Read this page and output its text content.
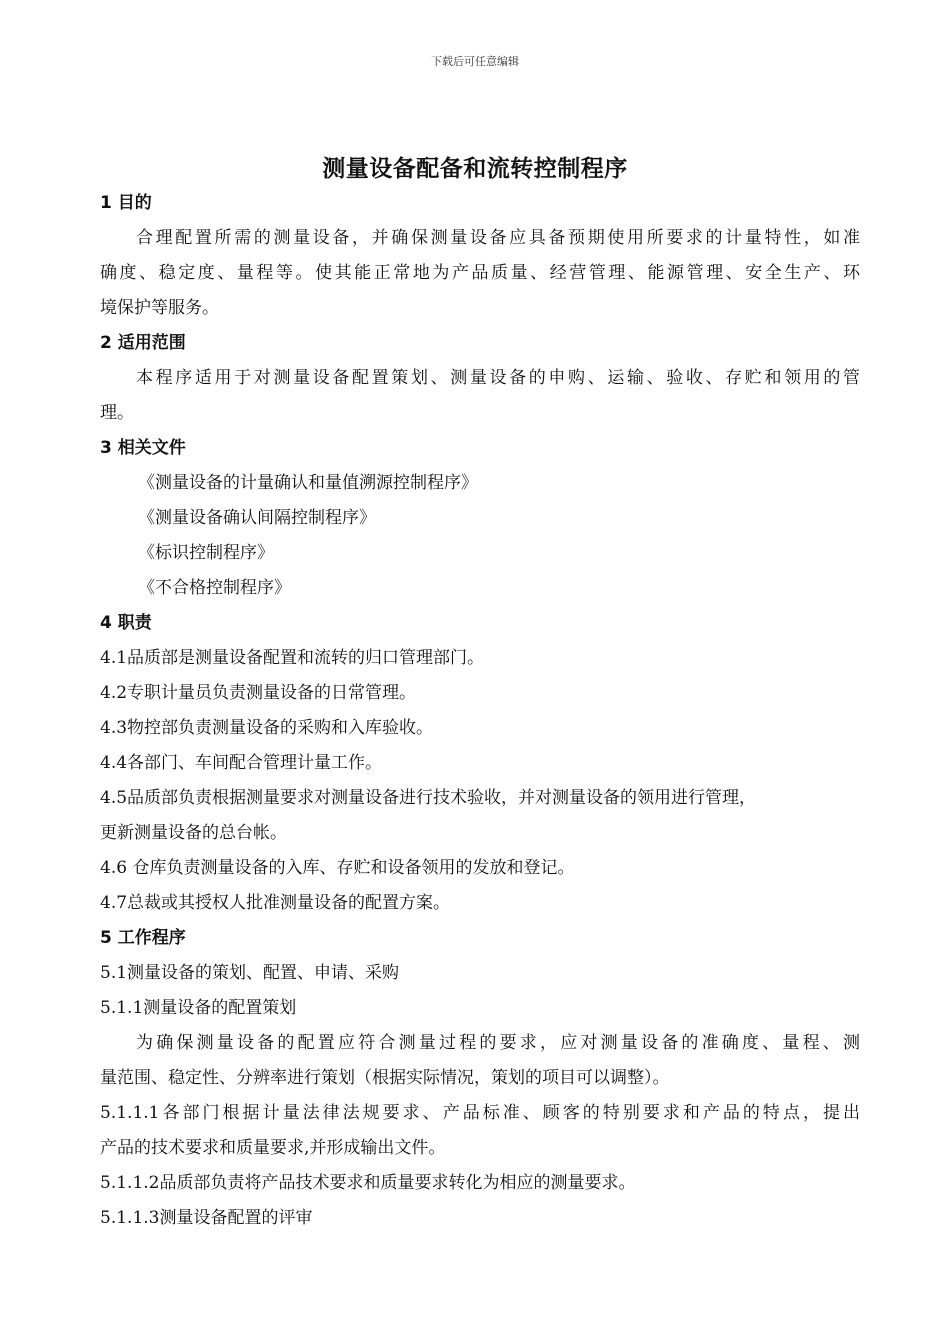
下载后可任意编辑
测量设备配备和流转控制程序
1 目的
合理配置所需的测量设备，并确保测量设备应具备预期使用所要求的计量特性，如准
确度、稳定度、量程等。使其能正常地为产品质量、经营管理、能源管理、安全生产、环
境保护等服务。
2 适用范围
本程序适用于对测量设备配置策划、测量设备的申购、运输、验收、存贮和领用的管
理。
3 相关文件
《测量设备的计量确认和量值溯源控制程序》
《测量设备确认间隔控制程序》
《标识控制程序》
《不合格控制程序》
4 职责
4.1品质部是测量设备配置和流转的归口管理部门。
4.2专职计量员负责测量设备的日常管理。
4.3物控部负责测量设备的采购和入库验收。
4.4各部门、车间配合管理计量工作。
4.5品质部负责根据测量要求对测量设备进行技术验收，并对测量设备的领用进行管理，
更新测量设备的总台帐。
4.6 仓库负责测量设备的入库、存贮和设备领用的发放和登记。
4.7总裁或其授权人批准测量设备的配置方案。
5 工作程序
5.1测量设备的策划、配置、申请、采购
5.1.1测量设备的配置策划
为确保测量设备的配置应符合测量过程的要求，应对测量设备的准确度、量程、测
量范围、稳定性、分辨率进行策划（根据实际情况，策划的项目可以调整）。
5.1.1.1各部门根据计量法律法规要求、产品标准、顾客的特别要求和产品的特点，提出
产品的技术要求和质量要求,并形成输出文件。
5.1.1.2品质部负责将产品技术要求和质量要求转化为相应的测量要求。
5.1.1.3测量设备配置的评审
